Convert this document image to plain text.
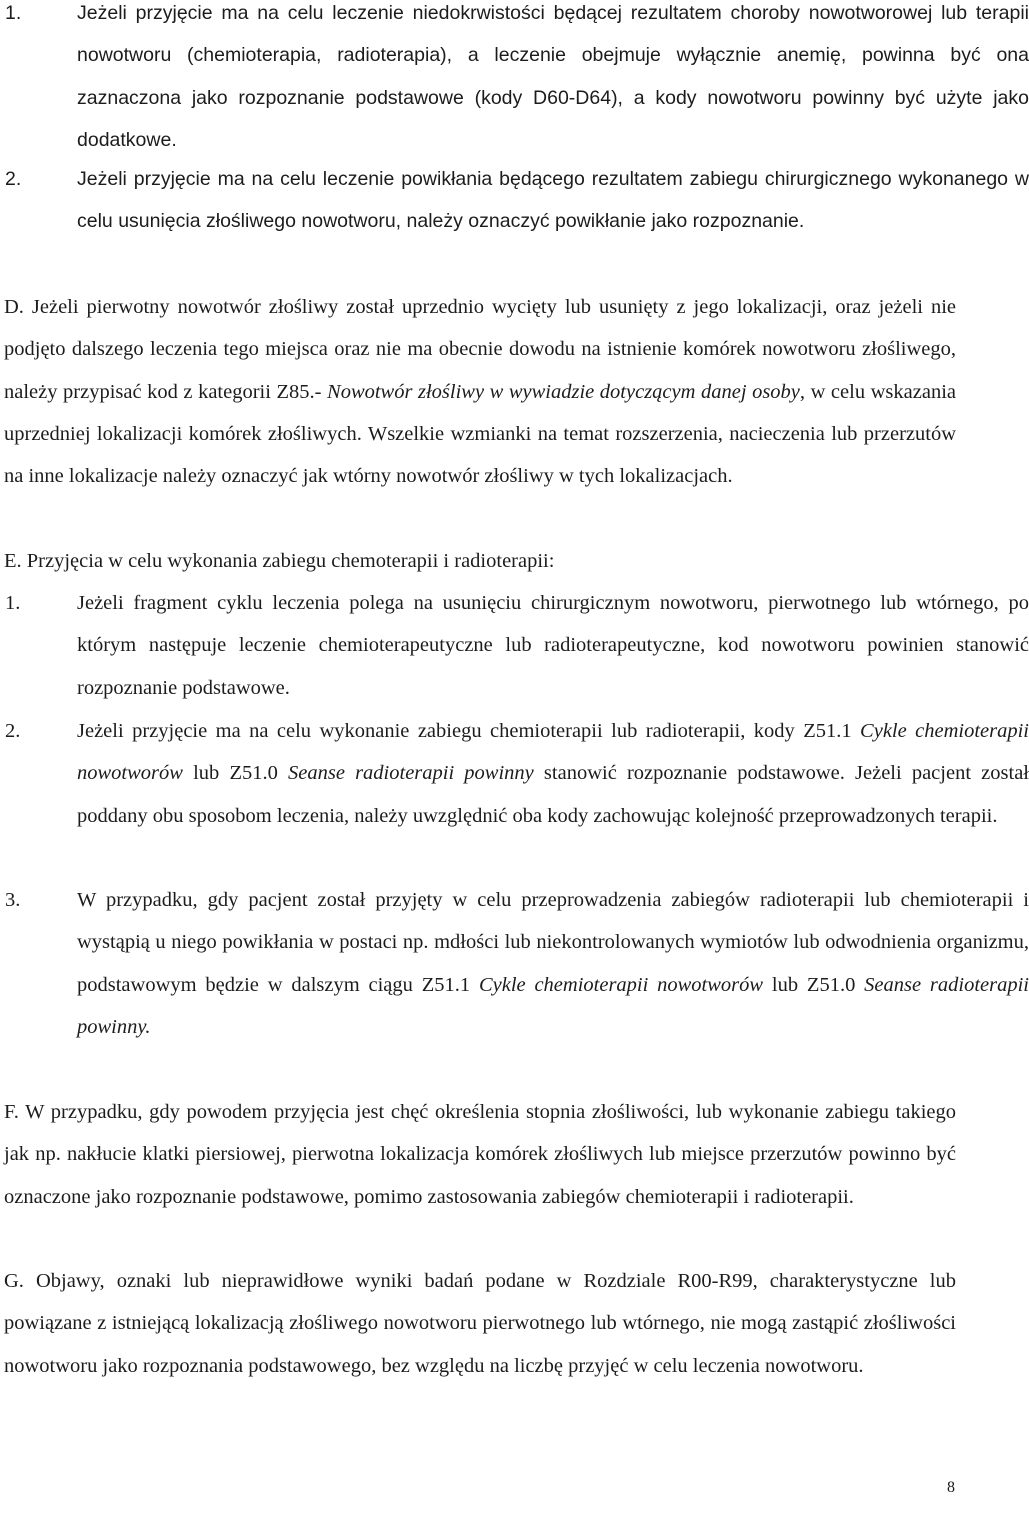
1.	Jeżeli przyjęcie ma na celu leczenie niedokrwistości będącej rezultatem choroby nowotworowej lub terapii nowotworu (chemioterapia, radioterapia), a leczenie obejmuje wyłącznie anemię, powinna być ona zaznaczona jako rozpoznanie podstawowe (kody D60-D64), a kody nowotworu powinny być użyte jako dodatkowe.

2.	Jeżeli przyjęcie ma na celu leczenie powikłania będącego rezultatem zabiegu chirurgicznego wykonanego w celu usunięcia złośliwego nowotworu, należy oznaczyć powikłanie jako rozpoznanie.

D. Jeżeli pierwotny nowotwór złośliwy został uprzednio wycięty lub usunięty z jego lokalizacji, oraz jeżeli nie podjęto dalszego leczenia tego miejsca oraz nie ma obecnie dowodu na istnienie komórek nowotworu złośliwego, należy przypisać kod z kategorii Z85.- Nowotwór złośliwy w wywiadzie dotyczącym danej osoby, w celu wskazania uprzedniej lokalizacji komórek złośliwych. Wszelkie wzmianki na temat rozszerzenia, nacieczenia lub przerzutów na inne lokalizacje należy oznaczyć jak wtórny nowotwór złośliwy w tych lokalizacjach.

E. Przyjęcia w celu wykonania zabiegu chemoterapii i radioterapii:

1.	Jeżeli fragment cyklu leczenia polega na usunięciu chirurgicznym nowotworu, pierwotnego lub wtórnego, po którym następuje leczenie chemioterapeutyczne lub radioterapeutyczne, kod nowotworu powinien stanowić rozpoznanie podstawowe.

2.	Jeżeli przyjęcie ma na celu wykonanie zabiegu chemioterapii lub radioterapii, kody Z51.1 Cykle chemioterapii nowotworów lub Z51.0 Seanse radioterapii powinny stanowić rozpoznanie podstawowe. Jeżeli pacjent został poddany obu sposobom leczenia, należy uwzględnić oba kody zachowując kolejność przeprowadzonych terapii.

3.	W przypadku, gdy pacjent został przyjęty w celu przeprowadzenia zabiegów radioterapii lub chemioterapii i wystąpią u niego powikłania w postaci np. mdłości lub niekontrolowanych wymiotów lub odwodnienia organizmu, podstawowym będzie w dalszym ciągu Z51.1 Cykle chemioterapii nowotworów lub Z51.0 Seanse radioterapii powinny.

F. W przypadku, gdy powodem przyjęcia jest chęć określenia stopnia złośliwości, lub wykonanie zabiegu takiego jak np. nakłucie klatki piersiowej, pierwotna lokalizacja komórek złośliwych lub miejsce przerzutów powinno być oznaczone jako rozpoznanie podstawowe, pomimo zastosowania zabiegów chemioterapii i radioterapii.

G. Objawy, oznaki lub nieprawidłowe wyniki badań podane w Rozdziale R00-R99, charakterystyczne lub powiązane z istniejącą lokalizacją złośliwego nowotworu pierwotnego lub wtórnego, nie mogą zastąpić złośliwości nowotworu jako rozpoznania podstawowego, bez względu na liczbę przyjęć w celu leczenia nowotworu.

8
